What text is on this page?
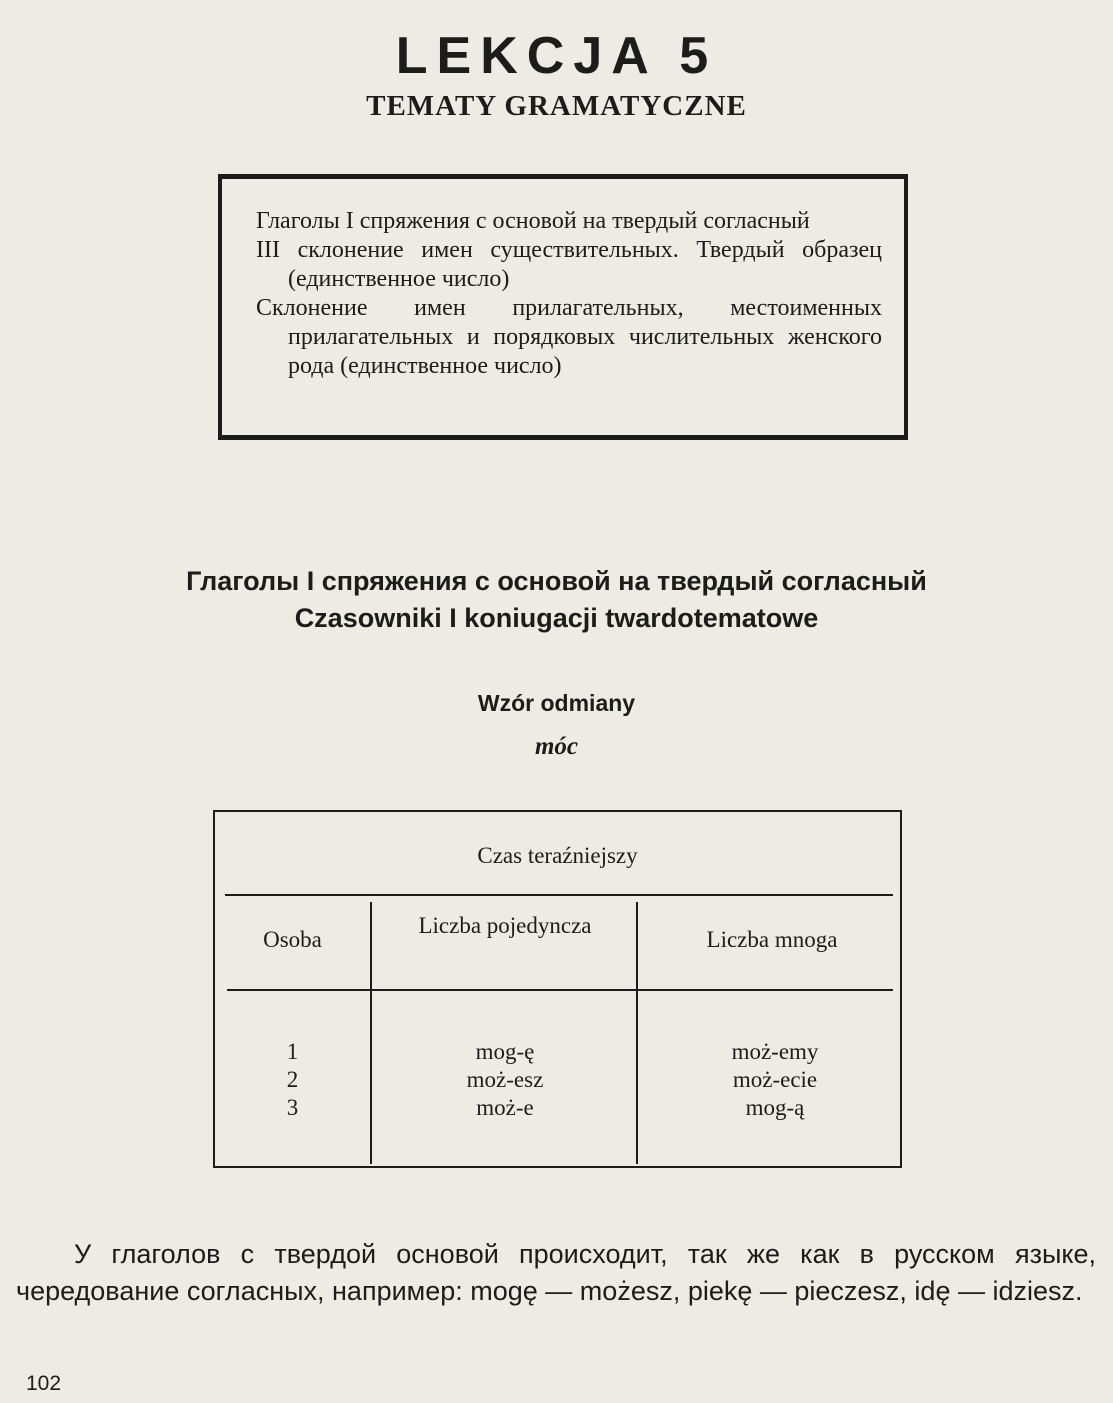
LEKCJA 5
TEMATY GRAMATYCZNE
Глаголы I спряжения с основой на твердый согласный
III склонение имен существительных. Твердый образец (единственное число)
Склонение имен прилагательных, местоименных прилагательных и порядковых числительных женского рода (единственное число)
Глаголы I спряжения с основой на твердый согласный
Czasowniki I koniugacji twardotematowe
Wzór odmiany
móc
Czas teraźniejszy
Osoba
Liczba pojedyncza
Liczba mnoga
1
2
3
mog-ę
moż-esz
moż-e
moż-emy
moż-ecie
mog-ą

У глаголов с твердой основой происходит, так же как в русском языке, чередование согласных, например: mogę — możesz, piekę — pieczesz, idę — idziesz.

102
